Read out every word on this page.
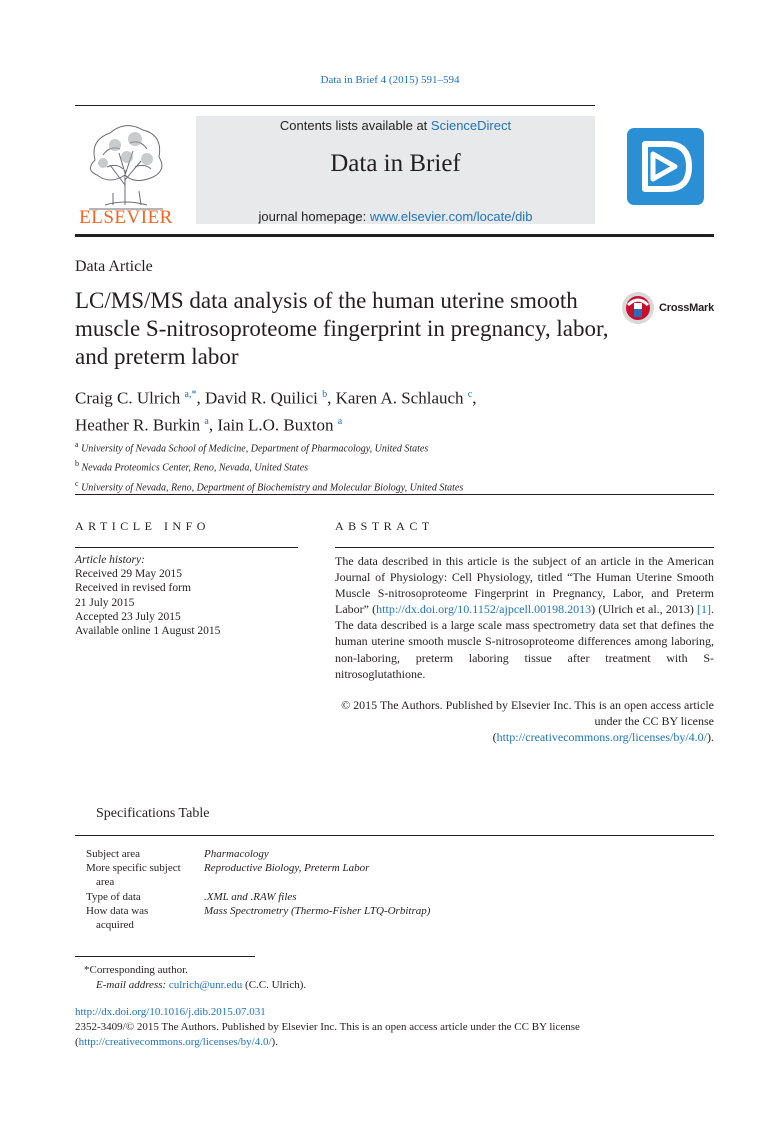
Data in Brief 4 (2015) 591–594
ELSEVIER
Contents lists available at ScienceDirect
Data in Brief
journal homepage: www.elsevier.com/locate/dib
Data Article
LC/MS/MS data analysis of the human uterine smooth muscle S-nitrosoproteome fingerprint in pregnancy, labor, and preterm labor
CrossMark
Craig C. Ulrich $^{a,*}$, David R. Quilici $^b$, Karen A. Schlauch $^c$,
Heather R. Burkin $^a$, Iain L.O. Buxton $^a$
$^a$ University of Nevada School of Medicine, Department of Pharmacology, United States
$^b$ Nevada Proteomics Center, Reno, Nevada, United States
$^c$ University of Nevada, Reno, Department of Biochemistry and Molecular Biology, United States
ARTICLE INFO
Article history:
Received 29 May 2015
Received in revised form
21 July 2015
Accepted 23 July 2015
Available online 1 August 2015
ABSTRACT
The data described in this article is the subject of an article in the American Journal of Physiology: Cell Physiology, titled “The Human Uterine Smooth Muscle S-nitrosoproteome Fingerprint in Pregnancy, Labor, and Preterm Labor” (http://dx.doi.org/10.1152/ajpcell.00198.2013) (Ulrich et al., 2013) [1]. The data described is a large scale mass spectrometry data set that defines the human uterine smooth muscle S-nitrosoproteome differences among laboring, non-laboring, preterm laboring tissue after treatment with S-nitrosoglutathione.
© 2015 The Authors. Published by Elsevier Inc. This is an open access article under the CC BY license
(http://creativecommons.org/licenses/by/4.0/).
Specifications Table
Subject area	Pharmacology
More specific subject
area
Reproductive Biology, Preterm Labor
Type of data	.XML and .RAW files
How data was
acquired
Mass Spectrometry (Thermo-Fisher LTQ-Orbitrap)
*Corresponding author.
E-mail address: culrich@unr.edu (C.C. Ulrich).
http://dx.doi.org/10.1016/j.dib.2015.07.031
2352-3409/© 2015 The Authors. Published by Elsevier Inc. This is an open access article under the CC BY license
(http://creativecommons.org/licenses/by/4.0/).
